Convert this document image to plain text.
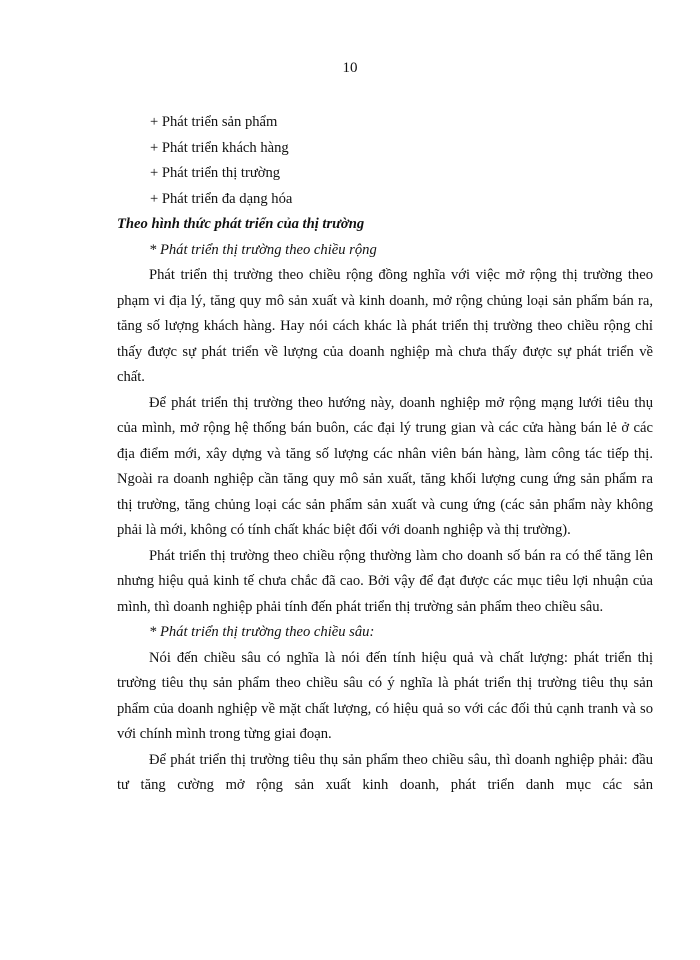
10

+ Phát triển sản phẩm

+ Phát triển khách hàng

+ Phát triển thị trường

+ Phát triển đa dạng hóa

Theo hình thức phát triển của thị trường

* Phát triển thị trường theo chiều rộng

Phát triển thị trường theo chiều rộng đồng nghĩa với việc mở rộng thị trường theo phạm vi địa lý, tăng quy mô sản xuất và kinh doanh, mở rộng chủng loại sản phẩm bán ra, tăng số lượng khách hàng. Hay nói cách khác là phát triển thị trường theo chiều rộng chỉ thấy được sự phát triển về lượng của doanh nghiệp mà chưa thấy được sự phát triển về chất.

Để phát triển thị trường theo hướng này, doanh nghiệp mở rộng mạng lưới tiêu thụ của mình, mở rộng hệ thống bán buôn, các đại lý trung gian và các cửa hàng bán lẻ ở các địa điểm mới, xây dựng và tăng số lượng các nhân viên bán hàng, làm công tác tiếp thị. Ngoài ra doanh nghiệp cần tăng quy mô sản xuất, tăng khối lượng cung ứng sản phẩm ra thị trường, tăng chủng loại các sản phẩm sản xuất và cung ứng (các sản phẩm này không phải là mới, không có tính chất khác biệt đối với doanh nghiệp và thị trường).

Phát triển thị trường theo chiều rộng thường làm cho doanh số bán ra có thể tăng lên nhưng hiệu quả kinh tế chưa chắc đã cao. Bởi vậy để đạt được các mục tiêu lợi nhuận của mình, thì doanh nghiệp phải tính đến phát triển thị trường sản phẩm theo chiều sâu.

* Phát triển thị trường theo chiều sâu:

Nói đến chiều sâu có nghĩa là nói đến tính hiệu quả và chất lượng: phát triển thị trường tiêu thụ sản phẩm theo chiều sâu có ý nghĩa là phát triển thị trường tiêu thụ sản phẩm của doanh nghiệp về mặt chất lượng, có hiệu quả so với các đối thủ cạnh tranh và so với chính mình trong từng giai đoạn.

Để phát triển thị trường tiêu thụ sản phẩm theo chiều sâu, thì doanh nghiệp phải: đầu tư tăng cường mở rộng sản xuất kinh doanh, phát triển danh mục các sản
